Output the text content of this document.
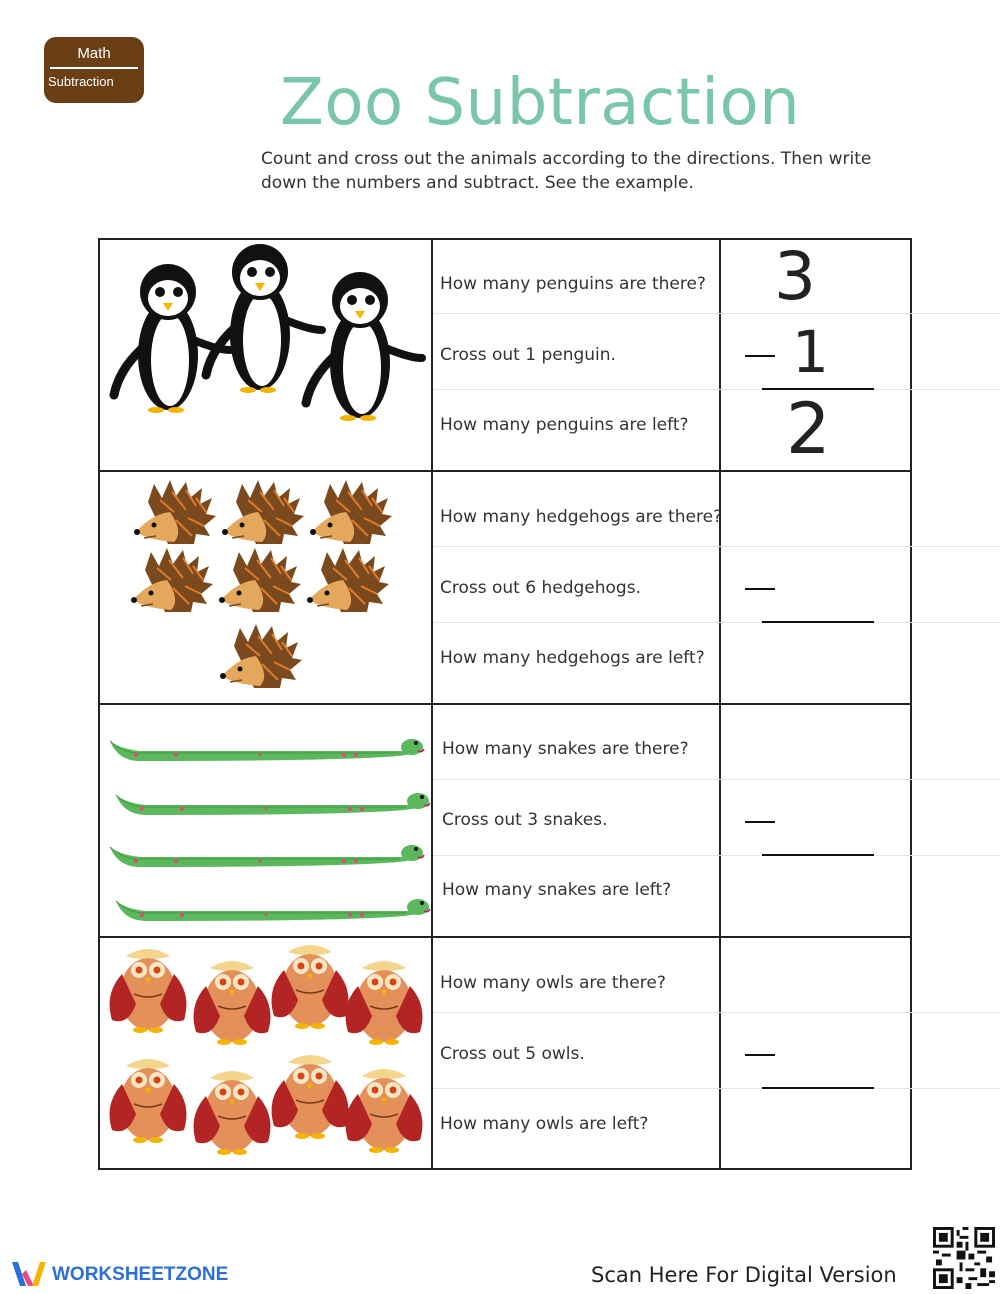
Math
Subtraction	Zoo Subtraction

Count and cross out the animals according to the directions. Then write down the numbers and subtract. See the example.

How many penguins are there?
Cross out 1 penguin.
How many penguins are left?
3
1
2
How many hedgehogs are there?
Cross out 6 hedgehogs.
How many hedgehogs are left?
How many snakes are there?
Cross out 3 snakes.
How many snakes are left?
How many owls are there?
Cross out 5 owls.
How many owls are left?
WORKSHEETZONE	Scan Here For Digital Version
